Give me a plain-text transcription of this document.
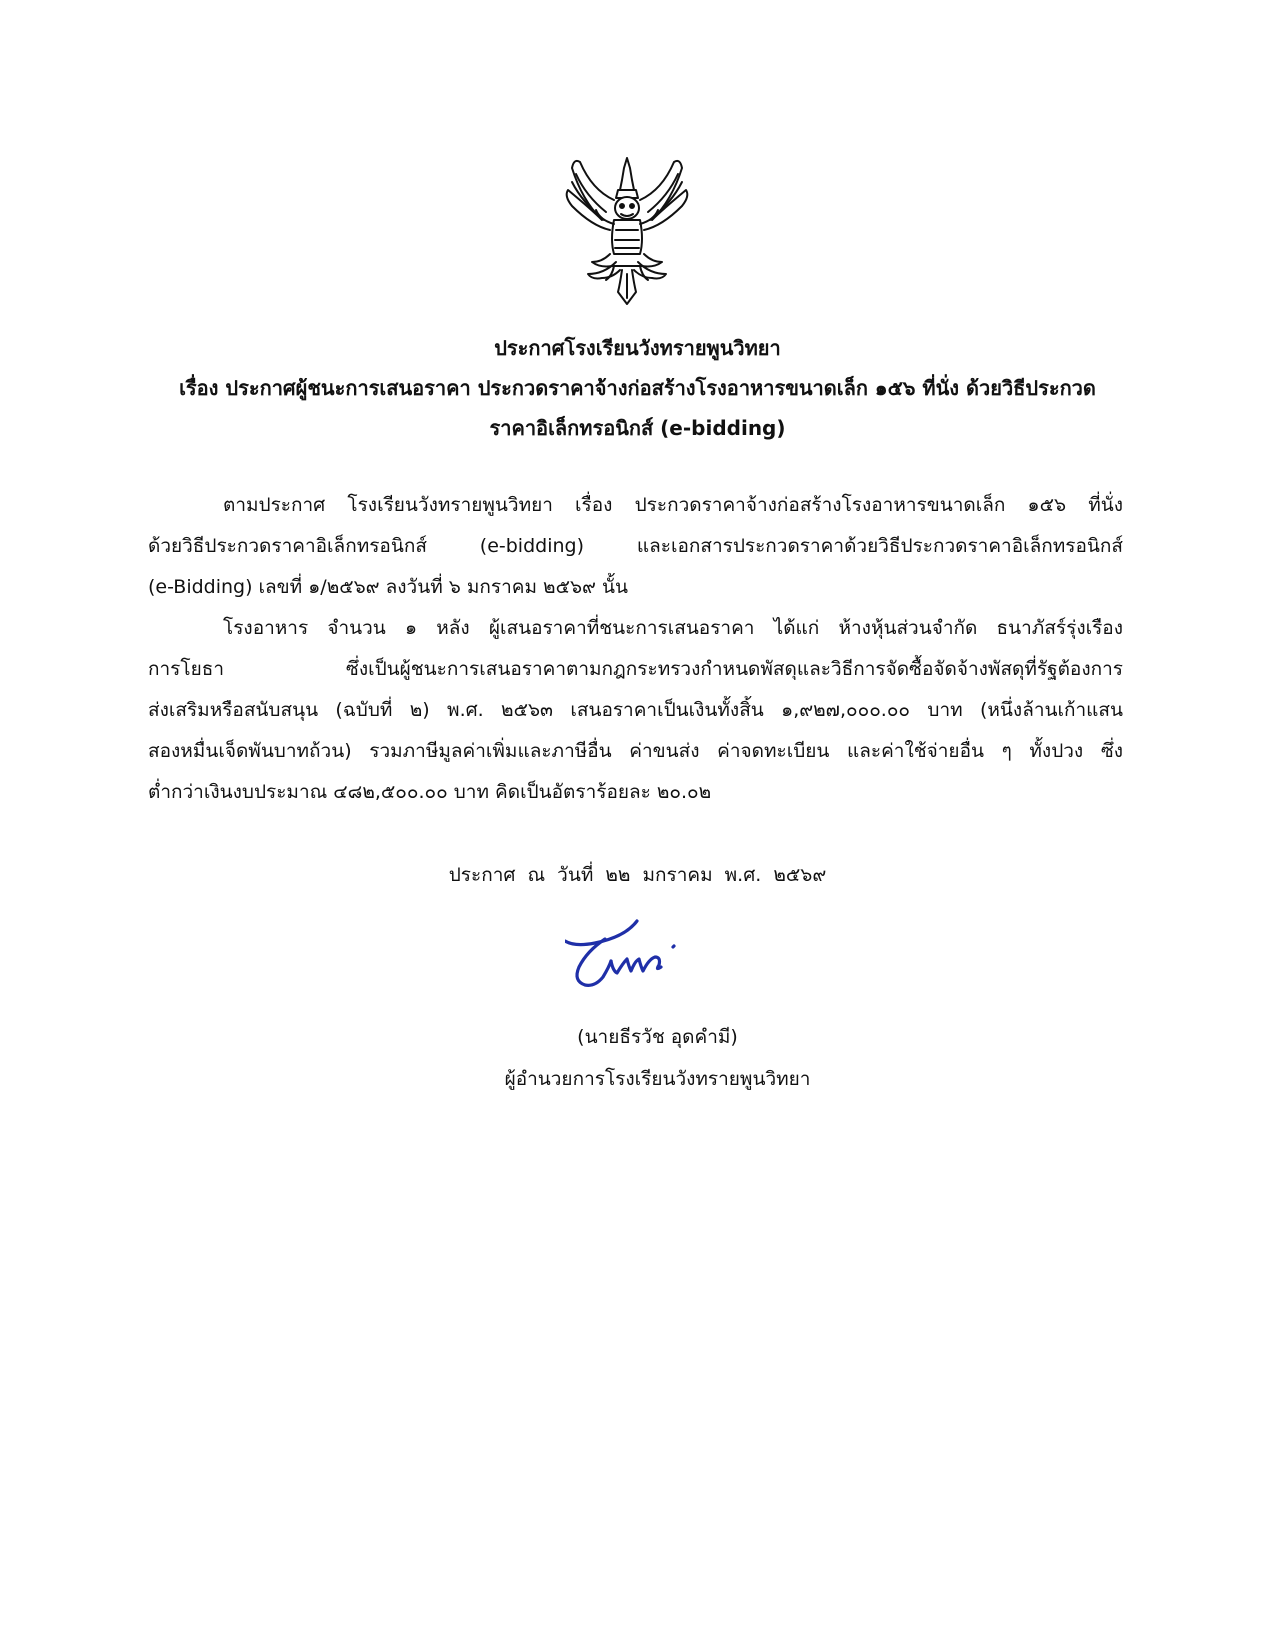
ประกาศโรงเรียนวังทรายพูนวิทยา
เรื่อง ประกาศผู้ชนะการเสนอราคา ประกวดราคาจ้างก่อสร้างโรงอาหารขนาดเล็ก ๑๕๖ ที่นั่ง ด้วยวิธีประกวด
ราคาอิเล็กทรอนิกส์ (e-bidding)
ตามประกาศ โรงเรียนวังทรายพูนวิทยา เรื่อง ประกวดราคาจ้างก่อสร้างโรงอาหารขนาดเล็ก ๑๕๖ ที่นั่ง
ด้วยวิธีประกวดราคาอิเล็กทรอนิกส์ (e-bidding) และเอกสารประกวดราคาด้วยวิธีประกวดราคาอิเล็กทรอนิกส์
(e-Bidding) เลขที่ ๑/๒๕๖๙ ลงวันที่ ๖ มกราคม ๒๕๖๙ นั้น
โรงอาหาร จำนวน ๑ หลัง ผู้เสนอราคาที่ชนะการเสนอราคา ได้แก่ ห้างหุ้นส่วนจำกัด ธนาภัสร์รุ่งเรือง
การโยธา ซึ่งเป็นผู้ชนะการเสนอราคาตามกฎกระทรวงกำหนดพัสดุและวิธีการจัดซื้อจัดจ้างพัสดุที่รัฐต้องการ
ส่งเสริมหรือสนับสนุน (ฉบับที่ ๒) พ.ศ. ๒๕๖๓ เสนอราคาเป็นเงินทั้งสิ้น ๑,๙๒๗,๐๐๐.๐๐ บาท (หนึ่งล้านเก้าแสน
สองหมื่นเจ็ดพันบาทถ้วน) รวมภาษีมูลค่าเพิ่มและภาษีอื่น ค่าขนส่ง ค่าจดทะเบียน และค่าใช้จ่ายอื่น ๆ ทั้งปวง ซึ่ง
ต่ำกว่าเงินงบประมาณ ๔๘๒,๕๐๐.๐๐ บาท คิดเป็นอัตราร้อยละ ๒๐.๐๒
ประกาศ ณ วันที่ ๒๒ มกราคม พ.ศ. ๒๕๖๙
(นายธีรวัช อุดคำมี)
ผู้อำนวยการโรงเรียนวังทรายพูนวิทยา
